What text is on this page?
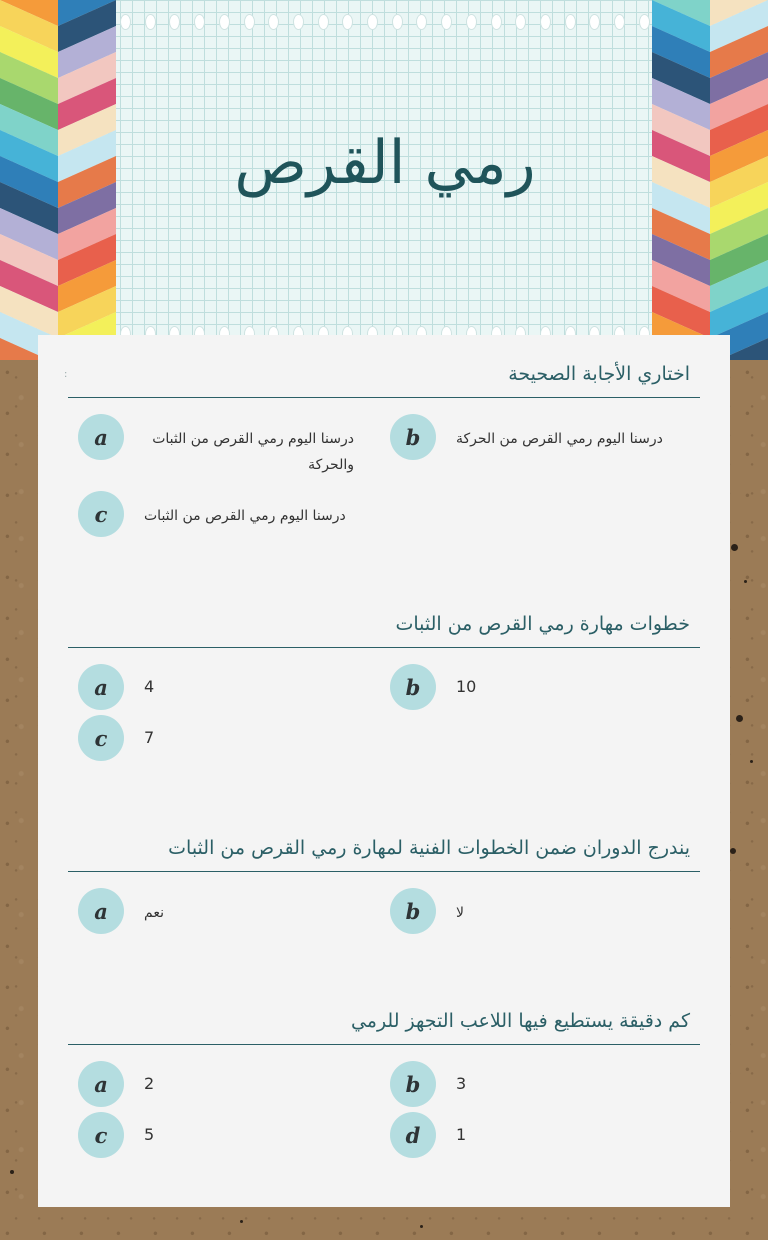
رمي القرص
:	اختاري الأجابة الصحيحة
a	درسنا اليوم رمي القرص من الثبات والحركة
b	درسنا اليوم رمي القرص من الحركة
c	درسنا اليوم رمي القرص من الثبات
خطوات مهارة رمي القرص من الثبات
a	4	b	10
c	7
يندرج الدوران ضمن الخطوات الفنية لمهارة رمي القرص من الثبات
a	نعم	b	لا
كم دقيقة يستطيع فيها اللاعب التجهز للرمي
a	2	b	3
c	5	d	1
